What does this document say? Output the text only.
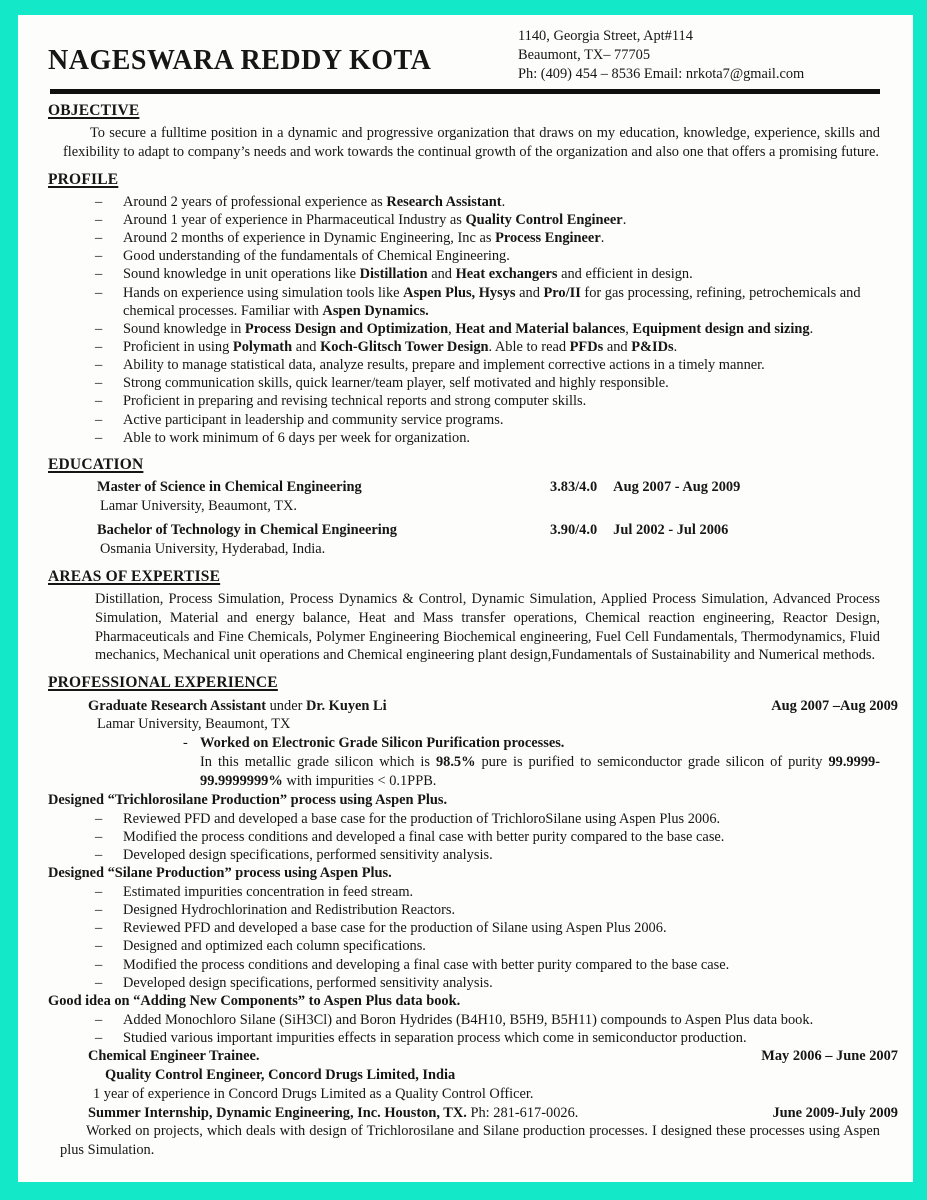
NAGESWARA REDDY KOTA
1140, Georgia Street, Apt#114
Beaumont, TX– 77705
Ph: (409) 454 – 8536 Email: nrkota7@gmail.com
OBJECTIVE
To secure a fulltime position in a dynamic and progressive organization that draws on my education, knowledge, experience, skills and flexibility to adapt to company’s needs and work towards the continual growth of the organization and also one that offers a promising future.
PROFILE
– Around 2 years of professional experience as Research Assistant.
– Around 1 year of experience in Pharmaceutical Industry as Quality Control Engineer.
– Around 2 months of experience in Dynamic Engineering, Inc as Process Engineer.
– Good understanding of the fundamentals of Chemical Engineering.
– Sound knowledge in unit operations like Distillation and Heat exchangers and efficient in design.
– Hands on experience using simulation tools like Aspen Plus, Hysys and Pro/II for gas processing, refining, petrochemicals and chemical processes. Familiar with Aspen Dynamics.
– Sound knowledge in Process Design and Optimization, Heat and Material balances, Equipment design and sizing.
– Proficient in using Polymath and Koch-Glitsch Tower Design. Able to read PFDs and P&IDs.
– Ability to manage statistical data, analyze results, prepare and implement corrective actions in a timely manner.
– Strong communication skills, quick learner/team player, self motivated and highly responsible.
– Proficient in preparing and revising technical reports and strong computer skills.
– Active participant in leadership and community service programs.
– Able to work minimum of 6 days per week for organization.
EDUCATION
Master of Science in Chemical Engineering	3.83/4.0 Aug 2007 - Aug 2009
Lamar University, Beaumont, TX.
Bachelor of Technology in Chemical Engineering	3.90/4.0 Jul 2002 - Jul 2006
Osmania University, Hyderabad, India.
AREAS OF EXPERTISE
Distillation, Process Simulation, Process Dynamics & Control, Dynamic Simulation, Applied Process Simulation, Advanced Process Simulation, Material and energy balance, Heat and Mass transfer operations, Chemical reaction engineering, Reactor Design, Pharmaceuticals and Fine Chemicals, Polymer Engineering Biochemical engineering, Fuel Cell Fundamentals, Thermodynamics, Fluid mechanics, Mechanical unit operations and Chemical engineering plant design,Fundamentals of Sustainability and Numerical methods.
PROFESSIONAL EXPERIENCE
Graduate Research Assistant under Dr. Kuyen Li	Aug 2007 –Aug 2009
Lamar University, Beaumont, TX
- Worked on Electronic Grade Silicon Purification processes.
In this metallic grade silicon which is 98.5% pure is purified to semiconductor grade silicon of purity 99.9999-99.9999999% with impurities < 0.1PPB.
Designed “Trichlorosilane Production” process using Aspen Plus.
– Reviewed PFD and developed a base case for the production of TrichloroSilane using Aspen Plus 2006.
– Modified the process conditions and developed a final case with better purity compared to the base case.
– Developed design specifications, performed sensitivity analysis.
Designed “Silane Production” process using Aspen Plus.
– Estimated impurities concentration in feed stream.
– Designed Hydrochlorination and Redistribution Reactors.
– Reviewed PFD and developed a base case for the production of Silane using Aspen Plus 2006.
– Designed and optimized each column specifications.
– Modified the process conditions and developing a final case with better purity compared to the base case.
– Developed design specifications, performed sensitivity analysis.
Good idea on “Adding New Components” to Aspen Plus data book.
– Added Monochloro Silane (SiH3Cl) and Boron Hydrides (B4H10, B5H9, B5H11) compounds to Aspen Plus data book.
– Studied various important impurities effects in separation process which come in semiconductor production.
Chemical Engineer Trainee.	May 2006 – June 2007
Quality Control Engineer, Concord Drugs Limited, India
1 year of experience in Concord Drugs Limited as a Quality Control Officer.
Summer Internship, Dynamic Engineering, Inc. Houston, TX. Ph: 281-617-0026.	June 2009-July 2009
Worked on projects, which deals with design of Trichlorosilane and Silane production processes. I designed these processes using Aspen plus Simulation.
